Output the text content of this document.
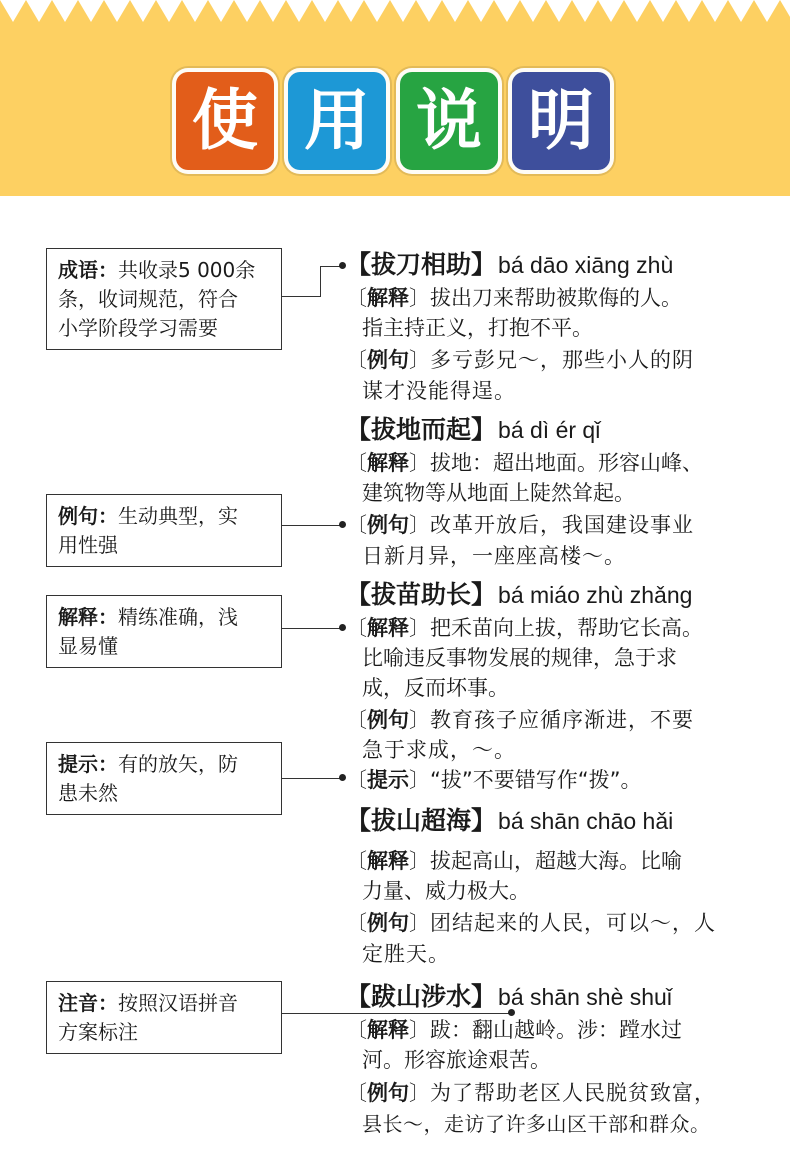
使 用 说 明
成语：共收录5 000余
条，收词规范，符合
小学阶段学习需要
例句：生动典型，实
用性强
解释：精练准确，浅
显易懂
提示：有的放矢，防
患未然
注音：按照汉语拼音
方案标注
【拔刀相助】bá dāo xiāng zhù
〔解释〕拔出刀来帮助被欺侮的人。
指主持正义，打抱不平。
〔例句〕多亏彭兄～，那些小人的阴
谋才没能得逞。
【拔地而起】bá dì ér qǐ
〔解释〕拔地：超出地面。形容山峰、
建筑物等从地面上陡然耸起。
〔例句〕改革开放后，我国建设事业
日新月异，一座座高楼～。
【拔苗助长】bá miáo zhù zhǎng
〔解释〕把禾苗向上拔，帮助它长高。
比喻违反事物发展的规律，急于求
成，反而坏事。
〔例句〕教育孩子应循序渐进，不要
急于求成，～。
〔提示〕“拔”不要错写作“拨”。
【拔山超海】bá shān chāo hǎi
〔解释〕拔起高山，超越大海。比喻
力量、威力极大。
〔例句〕团结起来的人民，可以～，人
定胜天。
【跋山涉水】bá shān shè shuǐ
〔解释〕跋：翻山越岭。涉：蹚水过
河。形容旅途艰苦。
〔例句〕为了帮助老区人民脱贫致富，
县长～，走访了许多山区干部和群众。
